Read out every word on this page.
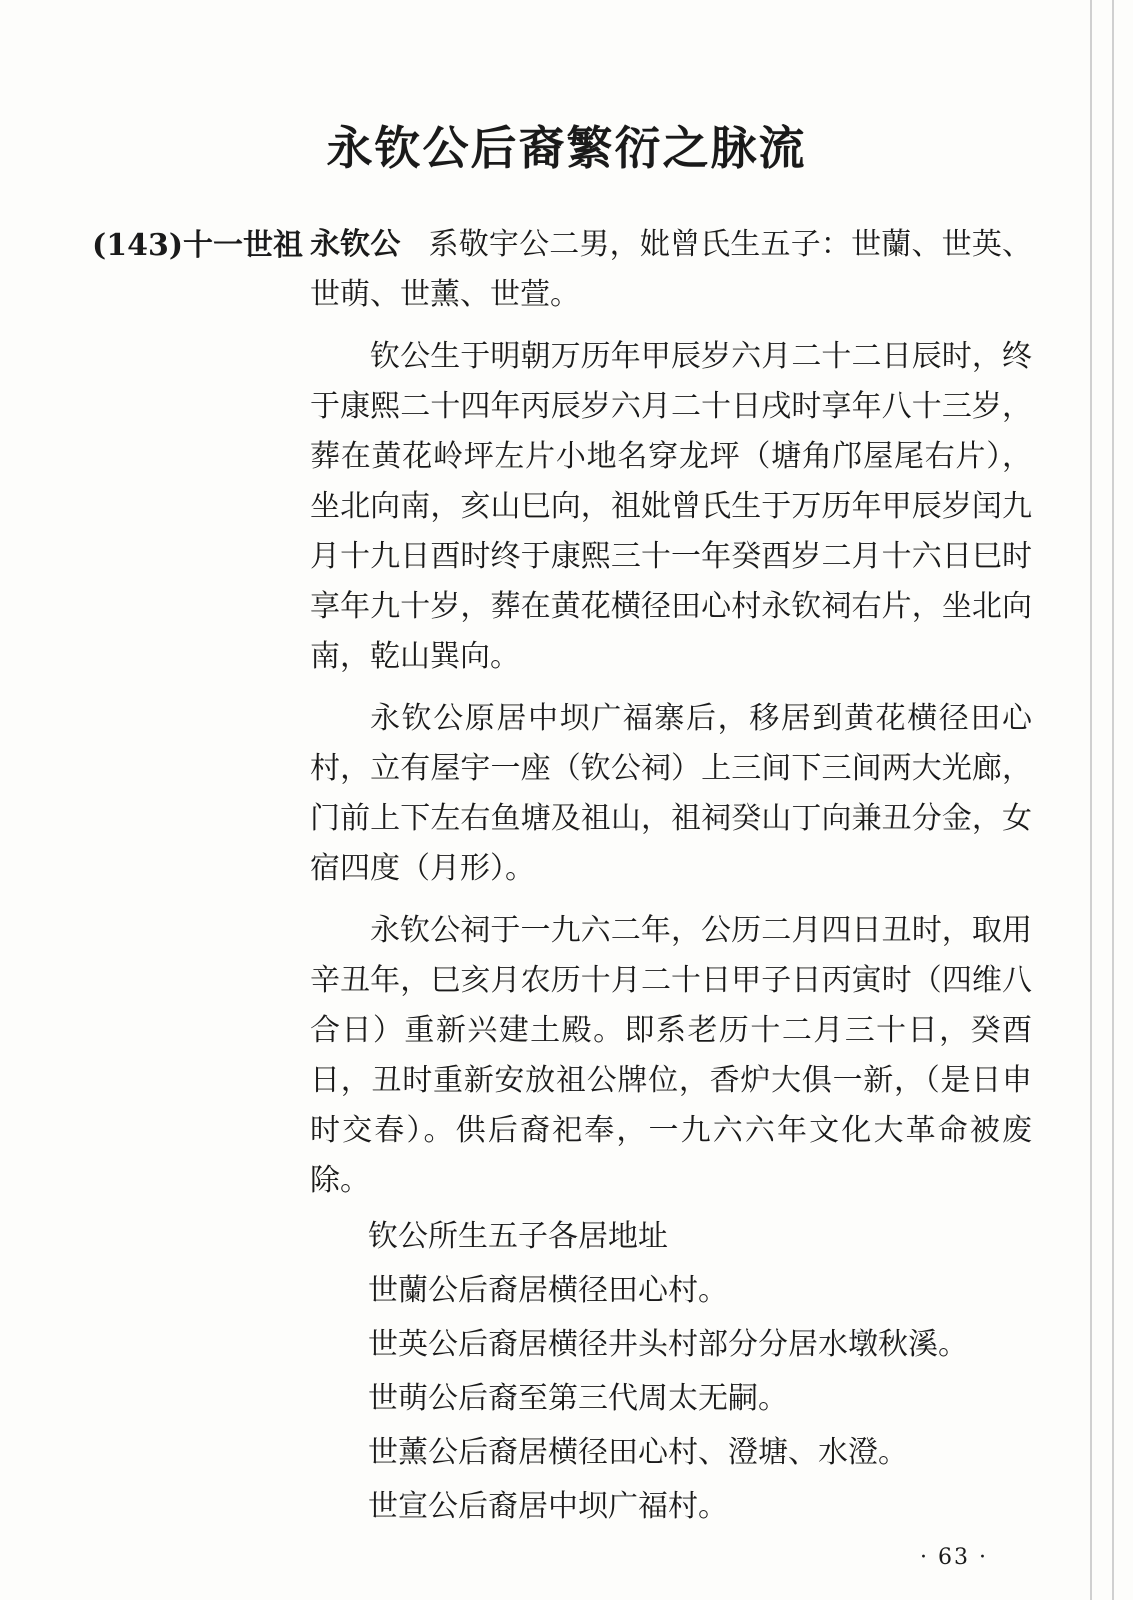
永钦公后裔繁衍之脉流
(143)十一世祖 永钦公 系敬宇公二男，妣曾氏生五子：世蘭、世英、世萌、世薰、世萱。

钦公生于明朝万历年甲辰岁六月二十二日辰时，终于康熙二十四年丙辰岁六月二十日戌时享年八十三岁，葬在黄花岭坪左片小地名穿龙坪（塘角邝屋尾右片），坐北向南，亥山巳向，祖妣曾氏生于万历年甲辰岁闰九月十九日酉时终于康熙三十一年癸酉岁二月十六日巳时享年九十岁，葬在黄花横径田心村永钦祠右片，坐北向南，乾山巽向。

永钦公原居中坝广福寨后，移居到黄花横径田心村，立有屋宇一座（钦公祠）上三间下三间两大光廊，门前上下左右鱼塘及祖山，祖祠癸山丁向兼丑分金，女宿四度（月形）。

永钦公祠于一九六二年，公历二月四日丑时，取用辛丑年，巳亥月农历十月二十日甲子日丙寅时（四维八合日）重新兴建土殿。即系老历十二月三十日，癸酉日，丑时重新安放祖公牌位，香炉大俱一新，（是日申时交春）。供后裔祀奉，一九六六年文化大革命被废除。

钦公所生五子各居地址
世蘭公后裔居横径田心村。
世英公后裔居横径井头村部分分居水墩秋溪。
世萌公后裔至第三代周太无嗣。
世薰公后裔居横径田心村、澄塘、水澄。
世宣公后裔居中坝广福村。
· 63 ·
